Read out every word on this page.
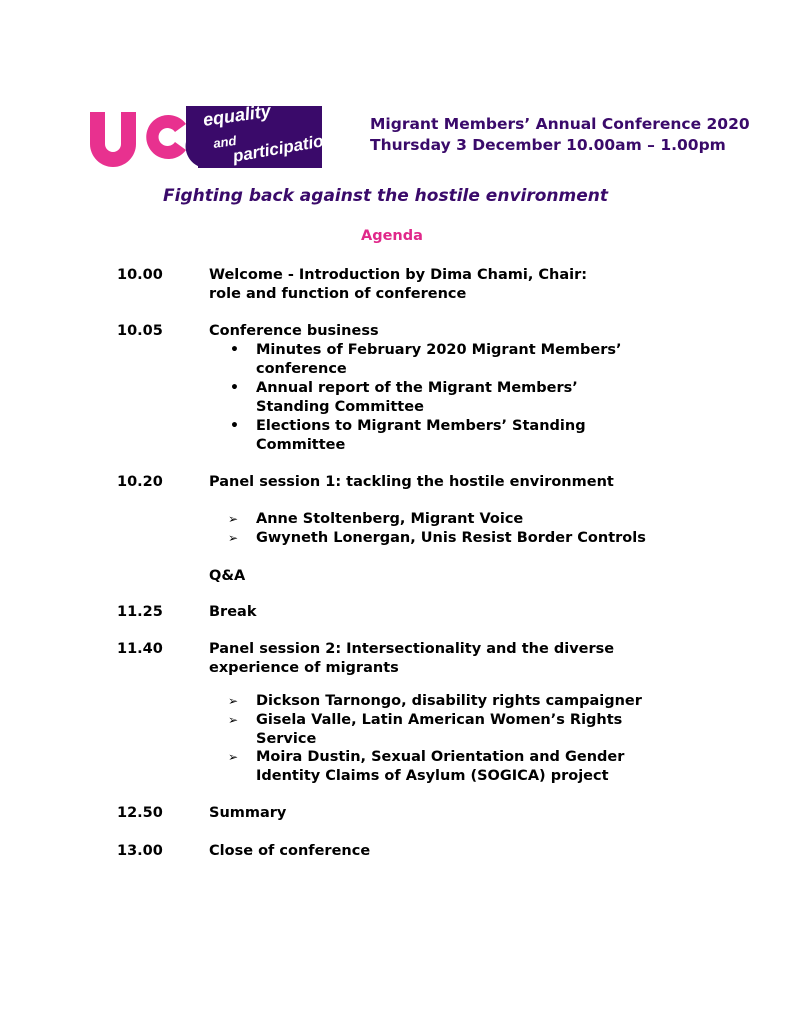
equality
and
participation
Migrant Members’ Annual Conference 2020
Thursday 3 December 10.00am – 1.00pm
Fighting back against the hostile environment
Agenda
10.00	Welcome - Introduction by Dima Chami, Chair:
role and function of conference
10.05	Conference business
• Minutes of February 2020 Migrant Members’
conference
• Annual report of the Migrant Members’
Standing Committee
• Elections to Migrant Members’ Standing
Committee
10.20	Panel session 1: tackling the hostile environment
➢ Anne Stoltenberg, Migrant Voice
➢ Gwyneth Lonergan, Unis Resist Border Controls
Q&A
11.25	Break
11.40	Panel session 2: Intersectionality and the diverse
experience of migrants
➢ Dickson Tarnongo, disability rights campaigner
➢ Gisela Valle, Latin American Women’s Rights
Service
➢ Moira Dustin, Sexual Orientation and Gender
Identity Claims of Asylum (SOGICA) project
12.50	Summary
13.00	Close of conference
